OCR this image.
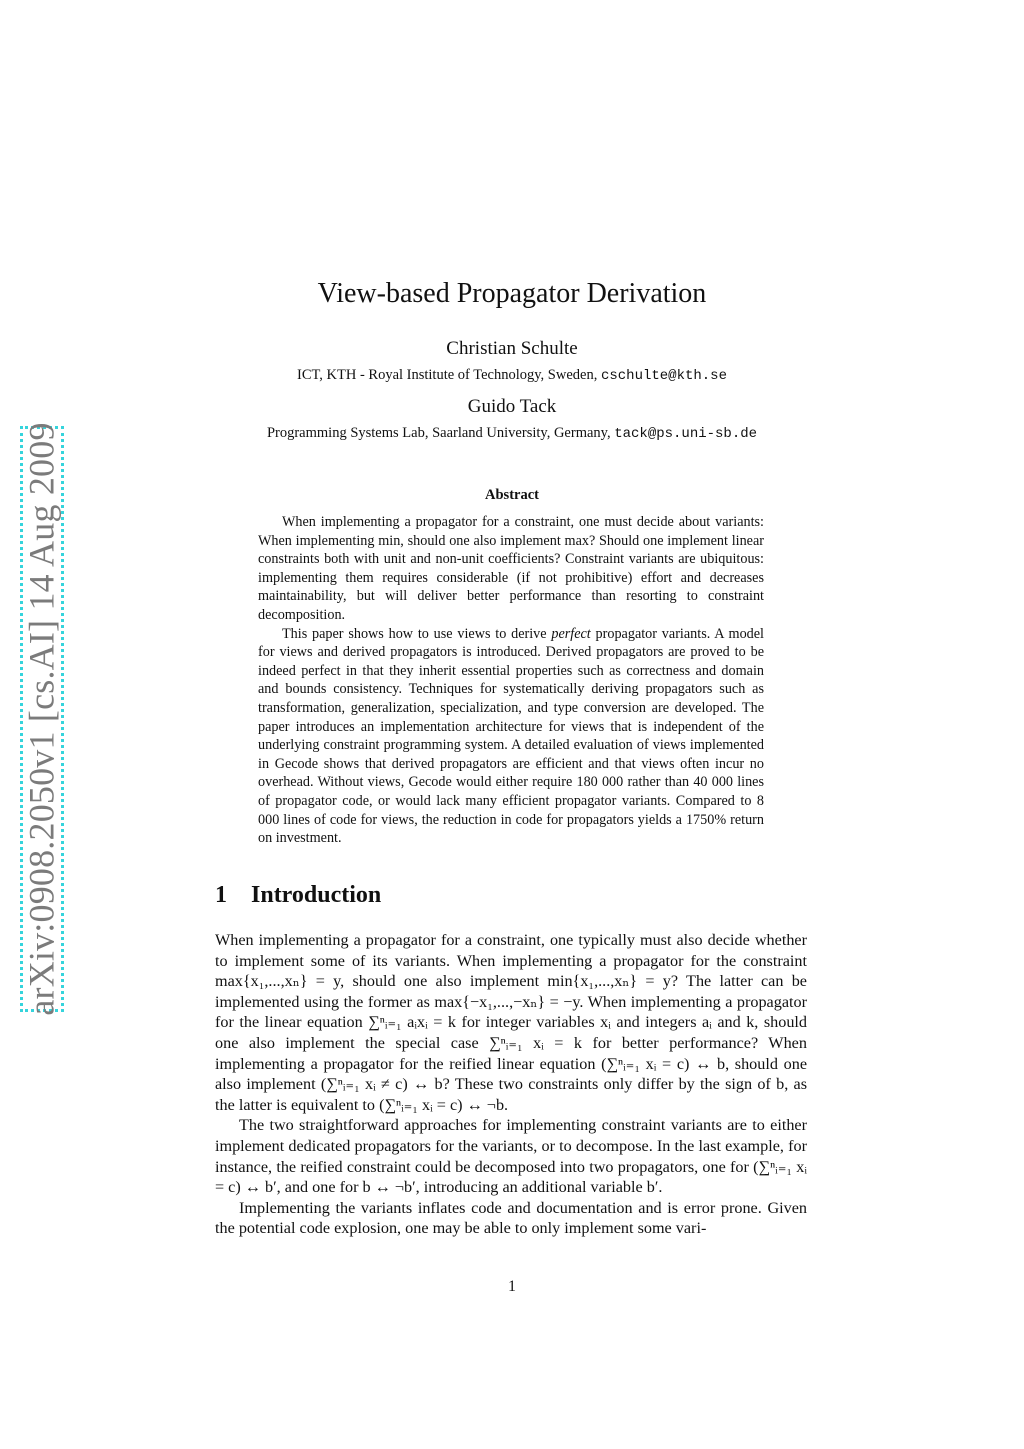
arXiv:0908.2050v1 [cs.AI] 14 Aug 2009
View-based Propagator Derivation

Christian Schulte

ICT, KTH - Royal Institute of Technology, Sweden, cschulte@kth.se

Guido Tack

Programming Systems Lab, Saarland University, Germany, tack@ps.uni-sb.de

Abstract

When implementing a propagator for a constraint, one must decide about variants: When implementing min, should one also implement max? Should one implement linear constraints both with unit and non-unit coefficients? Constraint variants are ubiquitous: implementing them requires considerable (if not prohibitive) effort and decreases maintainability, but will deliver better performance than resorting to constraint decomposition.

This paper shows how to use views to derive perfect propagator variants. A model for views and derived propagators is introduced. Derived propagators are proved to be indeed perfect in that they inherit essential properties such as correctness and domain and bounds consistency. Techniques for systematically deriving propagators such as transformation, generalization, specialization, and type conversion are developed. The paper introduces an implementation architecture for views that is independent of the underlying constraint programming system. A detailed evaluation of views implemented in Gecode shows that derived propagators are efficient and that views often incur no overhead. Without views, Gecode would either require 180 000 rather than 40 000 lines of propagator code, or would lack many efficient propagator variants. Compared to 8 000 lines of code for views, the reduction in code for propagators yields a 1750% return on investment.

1 Introduction

When implementing a propagator for a constraint, one typically must also decide whether to implement some of its variants. When implementing a propagator for the constraint max{x₁,...,xₙ} = y, should one also implement min{x₁,...,xₙ} = y? The latter can be implemented using the former as max{−x₁,...,−xₙ} = −y. When implementing a propagator for the linear equation ∑ⁿᵢ₌₁ aᵢxᵢ = k for integer variables xᵢ and integers aᵢ and k, should one also implement the special case ∑ⁿᵢ₌₁ xᵢ = k for better performance? When implementing a propagator for the reified linear equation (∑ⁿᵢ₌₁ xᵢ = c) ↔ b, should one also implement (∑ⁿᵢ₌₁ xᵢ ≠ c) ↔ b? These two constraints only differ by the sign of b, as the latter is equivalent to (∑ⁿᵢ₌₁ xᵢ = c) ↔ ¬b.

The two straightforward approaches for implementing constraint variants are to either implement dedicated propagators for the variants, or to decompose. In the last example, for instance, the reified constraint could be decomposed into two propagators, one for (∑ⁿᵢ₌₁ xᵢ = c) ↔ b′, and one for b ↔ ¬b′, introducing an additional variable b′.

Implementing the variants inflates code and documentation and is error prone. Given the potential code explosion, one may be able to only implement some vari-

1
